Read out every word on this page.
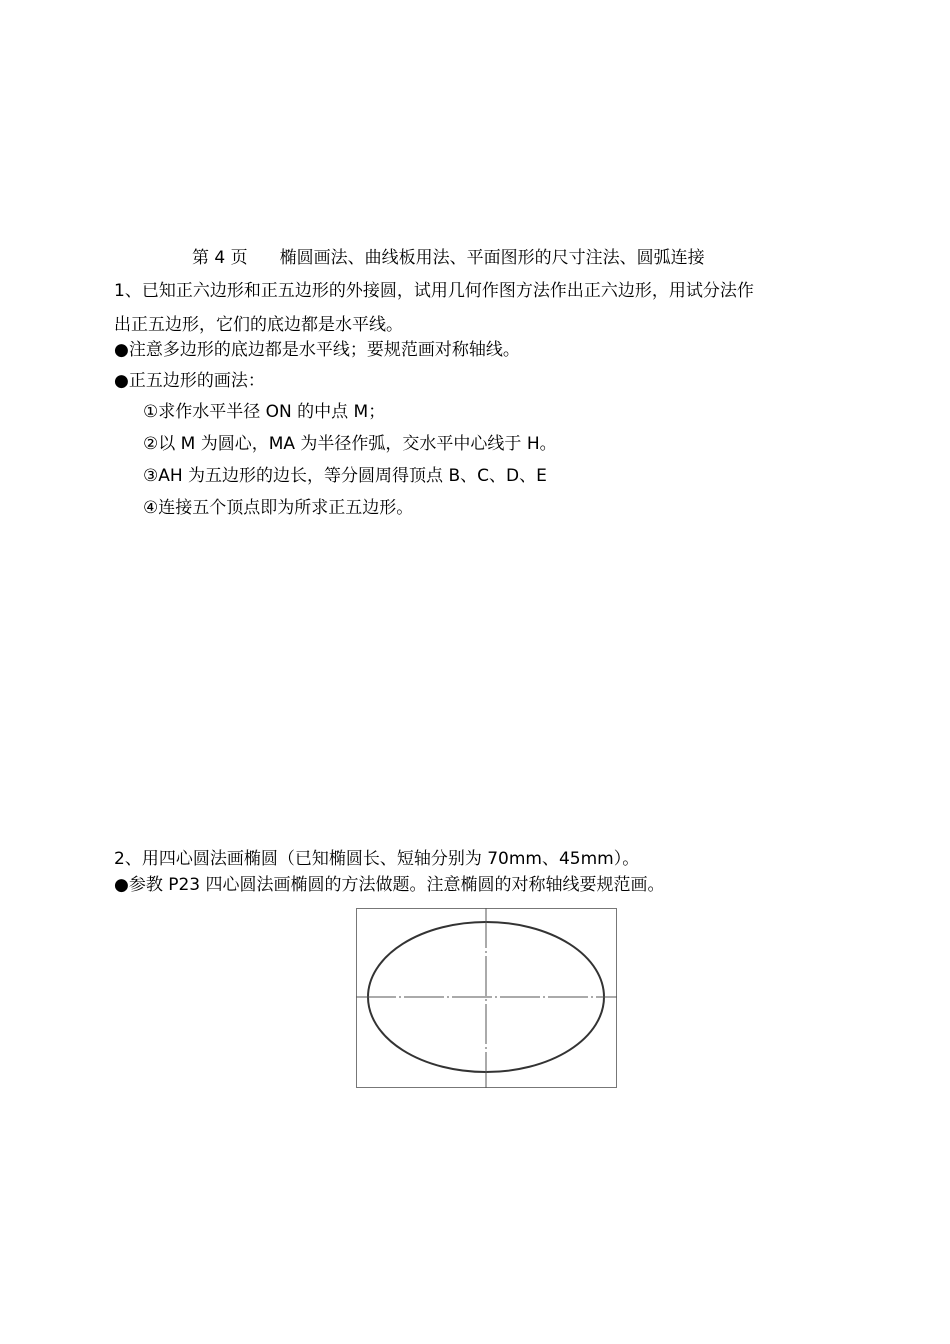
第 4 页 椭圆画法、曲线板用法、平面图形的尺寸注法、圆弧连接
1、已知正六边形和正五边形的外接圆，试用几何作图方法作出正六边形，用试分法作
出正五边形，它们的底边都是水平线。
●注意多边形的底边都是水平线；要规范画对称轴线。
●正五边形的画法：
①求作水平半径 ON 的中点 M；
②以 M 为圆心，MA 为半径作弧，交水平中心线于 H。
③AH 为五边形的边长，等分圆周得顶点 B、C、D、E
④连接五个顶点即为所求正五边形。
2、用四心圆法画椭圆（已知椭圆长、短轴分别为 70mm、45mm）。
●参教 P23 四心圆法画椭圆的方法做题。注意椭圆的对称轴线要规范画。
